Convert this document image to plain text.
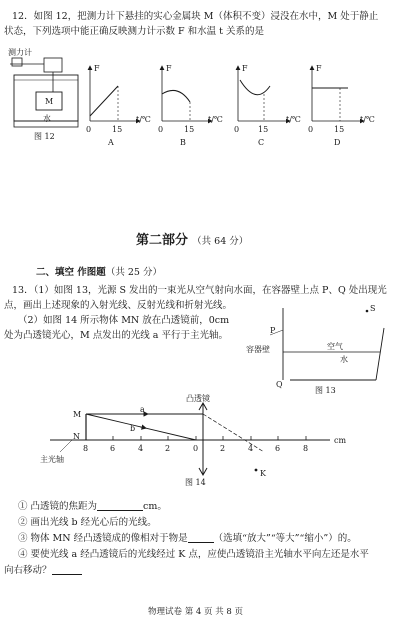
12．如图 12，把测力计下悬挂的实心金属块 M（体积不变）浸没在水中，M 处于静止
状态，下列选项中能正确反映测力计示数 F 和水温 t 关系的是
测力计
M
水
图 12
F
0	15
t/℃
A
F
0	15
t/℃
B
F
0 15
t/℃
C
F
0	15
t/℃
D
第二部分 （共 64 分）
二、填空 作图题（共 25 分）
13．（1）如图 13，光源 S 发出的一束光从空气射向水面，在容器壁上点 P、Q 处出现光
点，画出上述现象的入射光线、反射光线和折射光线。
（2）如图 14 所示物体 MN 放在凸透镜前，0cm
处为凸透镜光心，M 点发出的光线 a 平行于主光轴。
S
P
Q
容器壁	空气
水
图 13
凸透镜
M
N
a
b
K
cm
主光轴
图 14
8	6	4	2	0	2	4	6	8
① 凸透镜的焦距为	cm。
② 画出光线 b 经光心后的光线。
③ 物体 MN 经凸透镜成的像相对于物是	（选填“放大”“等大”“缩小”）的。
④ 要使光线 a 经凸透镜后的光线经过 K 点，应使凸透镜沿主光轴水平向左还是水平
向右移动？
物理试卷 第 4 页 共 8 页
